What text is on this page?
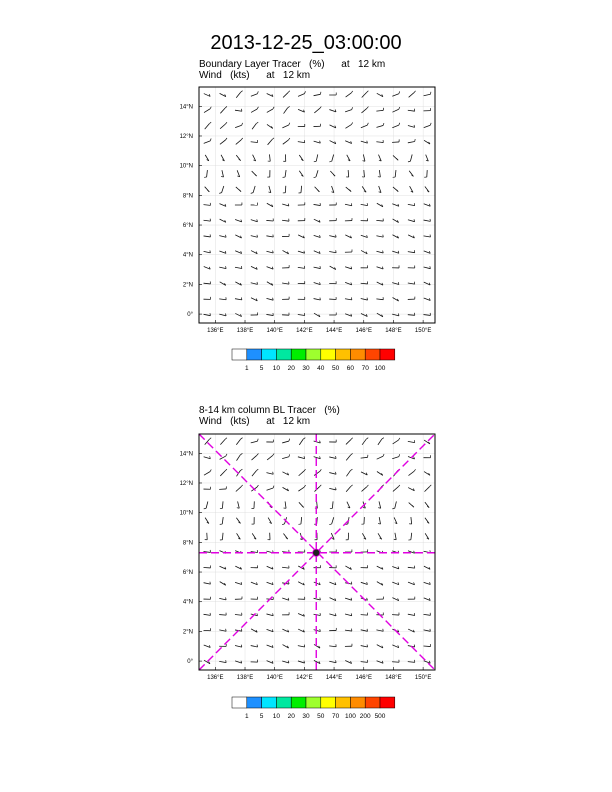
2013-12-25_03:00:00
Boundary Layer Tracer   (%)      at   12 km
Wind   (kts)      at   12 km
8-14 km column BL Tracer   (%)
Wind   (kts)      at   12 km
136°E 138°E 140°E 142°E 144°E 146°E 148°E 150°E
0°
2°N
4°N
6°N
8°N
10°N
12°N
14°N
1 5 10 20 30 40 50 60 70 100
136°E 138°E 140°E 142°E 144°E 146°E 148°E 150°E
0°
2°N
4°N
6°N
8°N
10°N
12°N
14°N
1 5 10 20 30 50 70 100 200 500
